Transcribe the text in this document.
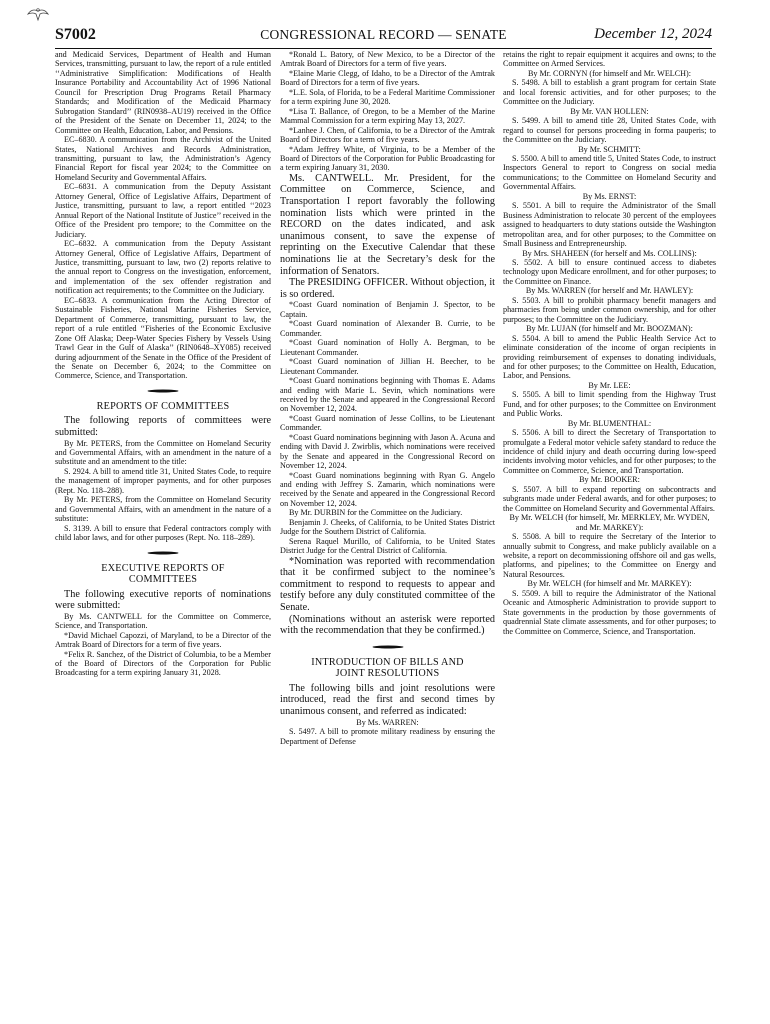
S7002	CONGRESSIONAL RECORD — SENATE	December 12, 2024

and Medicaid Services, Department of Health and Human Services, transmitting, pursuant to law, the report of a rule entitled ‘‘Administrative Simplification: Modifications of Health Insurance Portability and Accountability Act of 1996 National Council for Prescription Drug Programs Retail Pharmacy Standards; and Modification of the Medicaid Pharmacy Subrogation Standard’’ (RIN0938–AU19) received in the Office of the President of the Senate on December 11, 2024; to the Committee on Health, Education, Labor, and Pensions.

EC–6830. A communication from the Archivist of the United States, National Archives and Records Administration, transmitting, pursuant to law, the Administration’s Agency Financial Report for fiscal year 2024; to the Committee on Homeland Security and Governmental Affairs.

EC–6831. A communication from the Deputy Assistant Attorney General, Office of Legislative Affairs, Department of Justice, transmitting, pursuant to law, a report entitled ‘‘2023 Annual Report of the National Institute of Justice’’ received in the Office of the President pro tempore; to the Committee on the Judiciary.

EC–6832. A communication from the Deputy Assistant Attorney General, Office of Legislative Affairs, Department of Justice, transmitting, pursuant to law, two (2) reports relative to the annual report to Congress on the investigation, enforcement, and implementation of the sex offender registration and notification act requirements; to the Committee on the Judiciary.

EC–6833. A communication from the Acting Director of Sustainable Fisheries, National Marine Fisheries Service, Department of Commerce, transmitting, pursuant to law, the report of a rule entitled ‘‘Fisheries of the Economic Exclusive Zone Off Alaska; Deep-Water Species Fishery by Vessels Using Trawl Gear in the Gulf of Alaska’’ (RIN0648–XY085) received during adjournment of the Senate in the Office of the President of the Senate on December 6, 2024; to the Committee on Commerce, Science, and Transportation.

REPORTS OF COMMITTEES

The following reports of committees were submitted:

By Mr. PETERS, from the Committee on Homeland Security and Governmental Affairs, with an amendment in the nature of a substitute and an amendment to the title:

S. 2924. A bill to amend title 31, United States Code, to require the management of improper payments, and for other purposes (Rept. No. 118–288).

By Mr. PETERS, from the Committee on Homeland Security and Governmental Affairs, with an amendment in the nature of a substitute:

S. 3139. A bill to ensure that Federal contractors comply with child labor laws, and for other purposes (Rept. No. 118–289).

EXECUTIVE REPORTS OF
COMMITTEES

The following executive reports of nominations were submitted:

By Ms. CANTWELL for the Committee on Commerce, Science, and Transportation.

*David Michael Capozzi, of Maryland, to be a Director of the Amtrak Board of Directors for a term of five years.

*Felix R. Sanchez, of the District of Columbia, to be a Member of the Board of Directors of the Corporation for Public Broadcasting for a term expiring January 31, 2028.

*Ronald L. Batory, of New Mexico, to be a Director of the Amtrak Board of Directors for a term of five years.

*Elaine Marie Clegg, of Idaho, to be a Director of the Amtrak Board of Directors for a term of five years.

*L.E. Sola, of Florida, to be a Federal Maritime Commissioner for a term expiring June 30, 2028.

*Lisa T. Ballance, of Oregon, to be a Member of the Marine Mammal Commission for a term expiring May 13, 2027.

*Lanhee J. Chen, of California, to be a Director of the Amtrak Board of Directors for a term of five years.

*Adam Jeffrey White, of Virginia, to be a Member of the Board of Directors of the Corporation for Public Broadcasting for a term expiring January 31, 2030.

Ms. CANTWELL. Mr. President, for the Committee on Commerce, Science, and Transportation I report favorably the following nomination lists which were printed in the RECORD on the dates indicated, and ask unanimous consent, to save the expense of reprinting on the Executive Calendar that these nominations lie at the Secretary’s desk for the information of Senators.

The PRESIDING OFFICER. Without objection, it is so ordered.

*Coast Guard nomination of Benjamin J. Spector, to be Captain.

*Coast Guard nomination of Alexander B. Currie, to be Commander.

*Coast Guard nomination of Holly A. Bergman, to be Lieutenant Commander.

*Coast Guard nomination of Jillian H. Beecher, to be Lieutenant Commander.

*Coast Guard nominations beginning with Thomas E. Adams and ending with Marie L. Sevin, which nominations were received by the Senate and appeared in the Congressional Record on November 12, 2024.

*Coast Guard nomination of Jesse Collins, to be Lieutenant Commander.

*Coast Guard nominations beginning with Jason A. Acuna and ending with David J. Zwirblis, which nominations were received by the Senate and appeared in the Congressional Record on November 12, 2024.

*Coast Guard nominations beginning with Ryan G. Angelo and ending with Jeffrey S. Zamarin, which nominations were received by the Senate and appeared in the Congressional Record on November 12, 2024.

By Mr. DURBIN for the Committee on the Judiciary.

Benjamin J. Cheeks, of California, to be United States District Judge for the Southern District of California.

Serena Raquel Murillo, of California, to be United States District Judge for the Central District of California.

*Nomination was reported with recommendation that it be confirmed subject to the nominee’s commitment to respond to requests to appear and testify before any duly constituted committee of the Senate.

(Nominations without an asterisk were reported with the recommendation that they be confirmed.)

INTRODUCTION OF BILLS AND
JOINT RESOLUTIONS

The following bills and joint resolutions were introduced, read the first and second times by unanimous consent, and referred as indicated:

By Ms. WARREN:

S. 5497. A bill to promote military readiness by ensuring the Department of Defense

retains the right to repair equipment it acquires and owns; to the Committee on Armed Services.

By Mr. CORNYN (for himself and Mr. WELCH):

S. 5498. A bill to establish a grant program for certain State and local forensic activities, and for other purposes; to the Committee on the Judiciary.

By Mr. VAN HOLLEN:

S. 5499. A bill to amend title 28, United States Code, with regard to counsel for persons proceeding in forma pauperis; to the Committee on the Judiciary.

By Mr. SCHMITT:

S. 5500. A bill to amend title 5, United States Code, to instruct Inspectors General to report to Congress on social media communications; to the Committee on Homeland Security and Governmental Affairs.

By Ms. ERNST:

S. 5501. A bill to require the Administrator of the Small Business Administration to relocate 30 percent of the employees assigned to headquarters to duty stations outside the Washington metropolitan area, and for other purposes; to the Committee on Small Business and Entrepreneurship.

By Mrs. SHAHEEN (for herself and Ms. COLLINS):

S. 5502. A bill to ensure continued access to diabetes technology upon Medicare enrollment, and for other purposes; to the Committee on Finance.

By Ms. WARREN (for herself and Mr. HAWLEY):

S. 5503. A bill to prohibit pharmacy benefit managers and pharmacies from being under common ownership, and for other purposes; to the Committee on the Judiciary.

By Mr. LUJAN (for himself and Mr. BOOZMAN):

S. 5504. A bill to amend the Public Health Service Act to eliminate consideration of the income of organ recipients in providing reimbursement of expenses to donating individuals, and for other purposes; to the Committee on Health, Education, Labor, and Pensions.

By Mr. LEE:

S. 5505. A bill to limit spending from the Highway Trust Fund, and for other purposes; to the Committee on Environment and Public Works.

By Mr. BLUMENTHAL:

S. 5506. A bill to direct the Secretary of Transportation to promulgate a Federal motor vehicle safety standard to reduce the incidence of child injury and death occurring during low-speed incidents involving motor vehicles, and for other purposes; to the Committee on Commerce, Science, and Transportation.

By Mr. BOOKER:

S. 5507. A bill to expand reporting on subcontracts and subgrants made under Federal awards, and for other purposes; to the Committee on Homeland Security and Governmental Affairs.

By Mr. WELCH (for himself, Mr. MERKLEY, Mr. WYDEN, and Mr. MARKEY):

S. 5508. A bill to require the Secretary of the Interior to annually submit to Congress, and make publicly available on a website, a report on decommissioning offshore oil and gas wells, platforms, and pipelines; to the Committee on Energy and Natural Resources.

By Mr. WELCH (for himself and Mr. MARKEY):

S. 5509. A bill to require the Administrator of the National Oceanic and Atmospheric Administration to provide support to State governments in the production by those governments of quadrennial State climate assessments, and for other purposes; to the Committee on Commerce, Science, and Transportation.
